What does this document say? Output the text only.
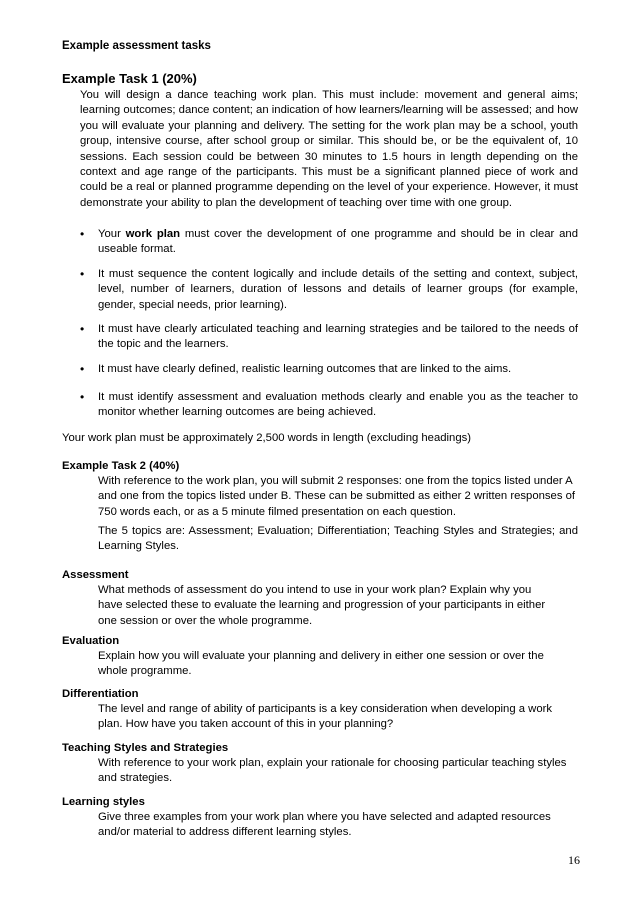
Example assessment tasks

Example Task 1 (20%)

You will design a dance teaching work plan. This must include: movement and general aims; learning outcomes; dance content; an indication of how learners/learning will be assessed; and how you will evaluate your planning and delivery. The setting for the work plan may be a school, youth group, intensive course, after school group or similar. This should be, or be the equivalent of, 10 sessions. Each session could be between 30 minutes to 1.5 hours in length depending on the context and age range of the participants. This must be a significant planned piece of work and could be a real or planned programme depending on the level of your experience. However, it must demonstrate your ability to plan the development of teaching over time with one group.

• Your work plan must cover the development of one programme and should be in clear and useable format.

• It must sequence the content logically and include details of the setting and context, subject, level, number of learners, duration of lessons and details of learner groups (for example, gender, special needs, prior learning).

• It must have clearly articulated teaching and learning strategies and be tailored to the needs of the topic and the learners.

• It must have clearly defined, realistic learning outcomes that are linked to the aims.

• It must identify assessment and evaluation methods clearly and enable you as the teacher to monitor whether learning outcomes are being achieved.

Your work plan must be approximately 2,500 words in length (excluding headings)

Example Task 2 (40%)

With reference to the work plan, you will submit 2 responses: one from the topics listed under A and one from the topics listed under B. These can be submitted as either 2 written responses of 750 words each, or as a 5 minute filmed presentation on each question.

The 5 topics are: Assessment; Evaluation; Differentiation; Teaching Styles and Strategies; and Learning Styles.

Assessment

What methods of assessment do you intend to use in your work plan? Explain why you have selected these to evaluate the learning and progression of your participants in either one session or over the whole programme.

Evaluation

Explain how you will evaluate your planning and delivery in either one session or over the whole programme.

Differentiation

The level and range of ability of participants is a key consideration when developing a work plan. How have you taken account of this in your planning?

Teaching Styles and Strategies

With reference to your work plan, explain your rationale for choosing particular teaching styles and strategies.

Learning styles

Give three examples from your work plan where you have selected and adapted resources and/or material to address different learning styles.

16
